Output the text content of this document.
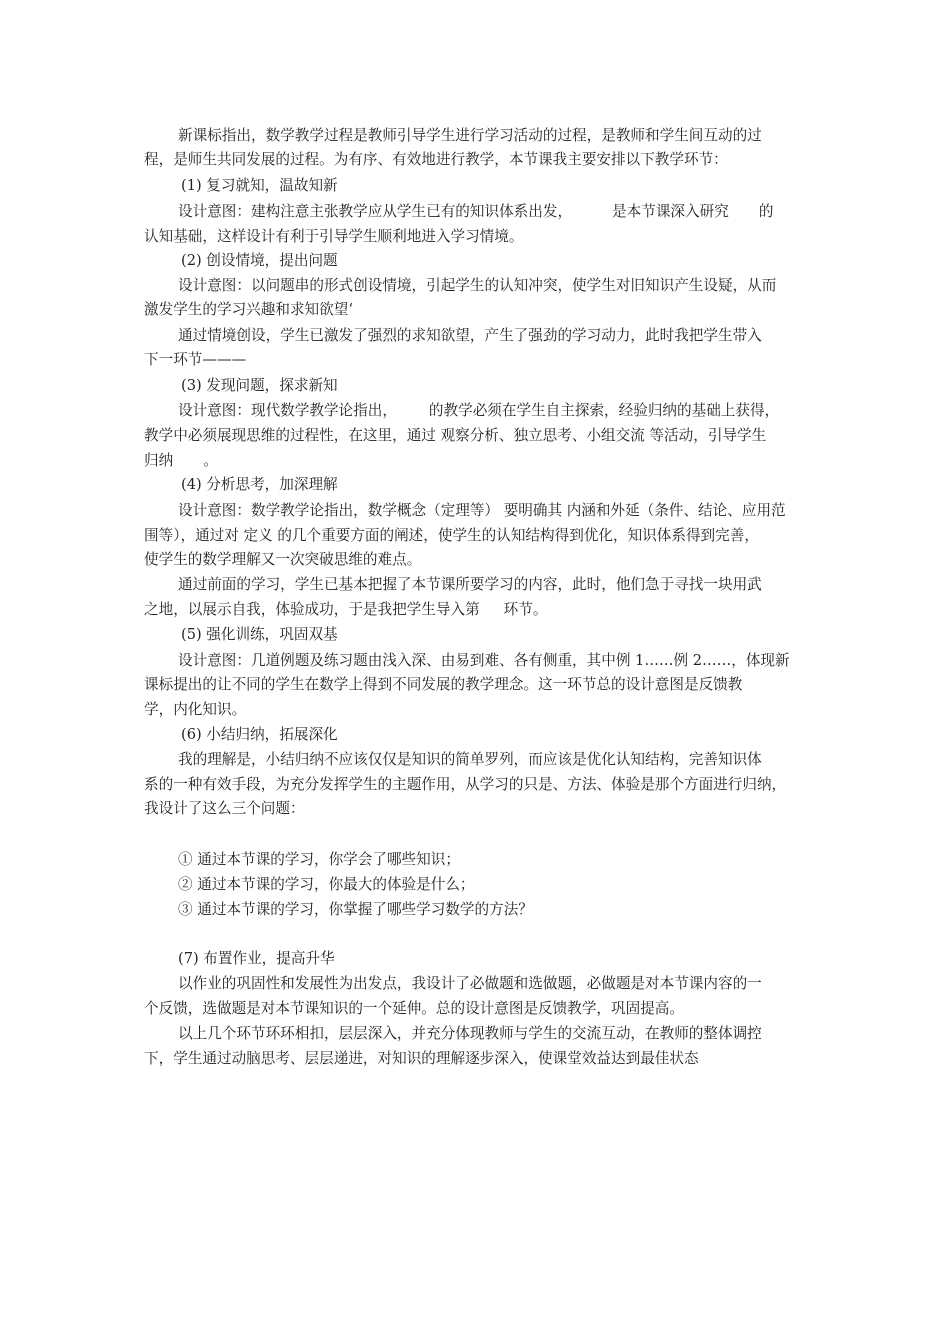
新课标指出，数学教学过程是教师引导学生进行学习活动的过程，是教师和学生间互动的过
程，是师生共同发展的过程。为有序、有效地进行教学，本节课我主要安排以下教学环节：
(1) 复习就知，温故知新
设计意图：建构注意主张教学应从学生已有的知识体系出发，	是本节课深入研究 的
认知基础，这样设计有利于引导学生顺利地进入学习情境。
(2) 创设情境，提出问题
设计意图：以问题串的形式创设情境，引起学生的认知冲突，使学生对旧知识产生设疑，从而
激发学生的学习兴趣和求知欲望‘
通过情境创设，学生已激发了强烈的求知欲望，产生了强劲的学习动力，此时我把学生带入
下一环节———
(3) 发现问题，探求新知
设计意图：现代数学教学论指出， 的教学必须在学生自主探索，经验归纳的基础上获得，
教学中必须展现思维的过程性，在这里，通过 观察分析、独立思考、小组交流 等活动，引导学生
归纳 。
(4) 分析思考，加深理解
设计意图：数学教学论指出，数学概念（定理等） 要明确其 内涵和外延（条件、结论、应用范
围等），通过对 定义 的几个重要方面的阐述，使学生的认知结构得到优化，知识体系得到完善，
使学生的数学理解又一次突破思维的难点。
通过前面的学习，学生已基本把握了本节课所要学习的内容，此时，他们急于寻找一块用武
之地，以展示自我，体验成功，于是我把学生导入第 环节。
(5) 强化训练，巩固双基
设计意图：几道例题及练习题由浅入深、由易到难、各有侧重，其中例 1……例 2……，体现新
课标提出的让不同的学生在数学上得到不同发展的教学理念。这一环节总的设计意图是反馈教
学，内化知识。
(6) 小结归纳，拓展深化
我的理解是，小结归纳不应该仅仅是知识的简单罗列，而应该是优化认知结构，完善知识体
系的一种有效手段，为充分发挥学生的主题作用，从学习的只是、方法、体验是那个方面进行归纳，
我设计了这么三个问题：
① 通过本节课的学习，你学会了哪些知识；
② 通过本节课的学习，你最大的体验是什么；
③ 通过本节课的学习，你掌握了哪些学习数学的方法？
(7) 布置作业，提高升华
以作业的巩固性和发展性为出发点，我设计了必做题和选做题，必做题是对本节课内容的一
个反馈，选做题是对本节课知识的一个延伸。总的设计意图是反馈教学，巩固提高。
以上几个环节环环相扣，层层深入，并充分体现教师与学生的交流互动，在教师的整体调控
下，学生通过动脑思考、层层递进，对知识的理解逐步深入，使课堂效益达到最佳状态
